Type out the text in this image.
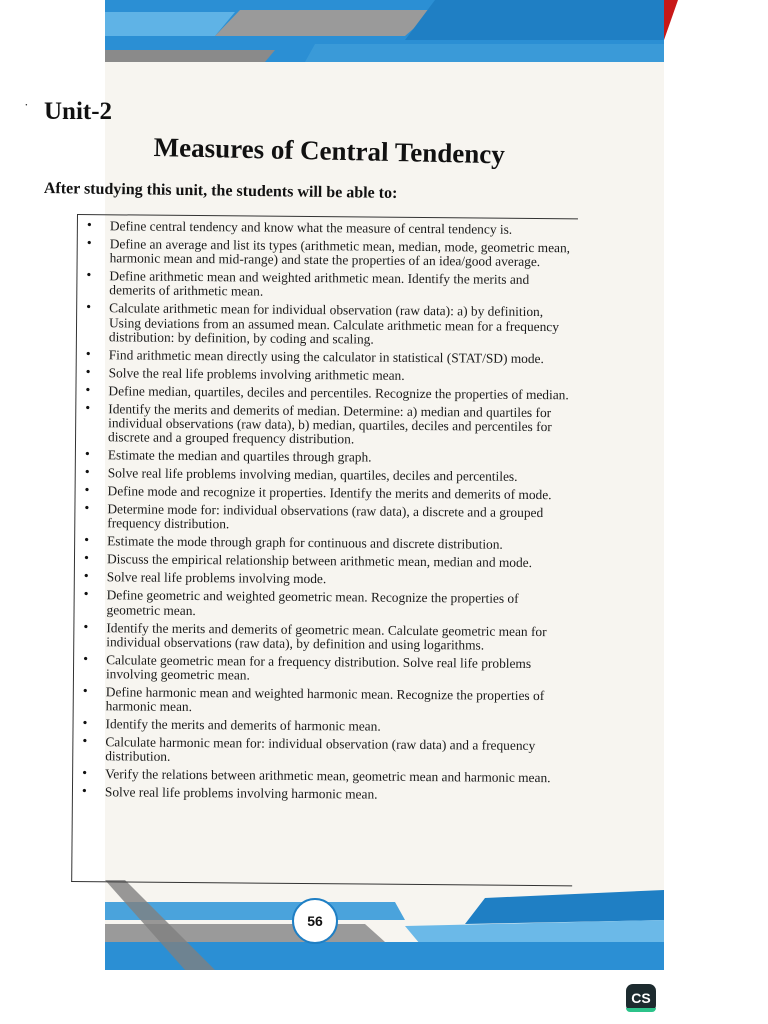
˙ Unit-2
Measures of Central Tendency
After studying this unit, the students will be able to:
• Define central tendency and know what the measure of central tendency is.
• Define an average and list its types (arithmetic mean, median, mode, geometric mean, harmonic mean and mid-range) and state the properties of an idea/good average.
• Define arithmetic mean and weighted arithmetic mean. Identify the merits and demerits of arithmetic mean.
• Calculate arithmetic mean for individual observation (raw data): a) by definition, Using deviations from an assumed mean. Calculate arithmetic mean for a frequency distribution: by definition, by coding and scaling.
• Find arithmetic mean directly using the calculator in statistical (STAT/SD) mode.
• Solve the real life problems involving arithmetic mean.
• Define median, quartiles, deciles and percentiles. Recognize the properties of median.
• Identify the merits and demerits of median. Determine: a) median and quartiles for individual observations (raw data), b) median, quartiles, deciles and percentiles for discrete and a grouped frequency distribution.
• Estimate the median and quartiles through graph.
• Solve real life problems involving median, quartiles, deciles and percentiles.
• Define mode and recognize it properties. Identify the merits and demerits of mode.
• Determine mode for: individual observations (raw data), a discrete and a grouped frequency distribution.
• Estimate the mode through graph for continuous and discrete distribution.
• Discuss the empirical relationship between arithmetic mean, median and mode.
• Solve real life problems involving mode.
• Define geometric and weighted geometric mean. Recognize the properties of geometric mean.
• Identify the merits and demerits of geometric mean. Calculate geometric mean for individual observations (raw data), by definition and using logarithms.
• Calculate geometric mean for a frequency distribution. Solve real life problems involving geometric mean.
• Define harmonic mean and weighted harmonic mean. Recognize the properties of harmonic mean.
• Identify the merits and demerits of harmonic mean.
• Calculate harmonic mean for: individual observation (raw data) and a frequency distribution.
• Verify the relations between arithmetic mean, geometric mean and harmonic mean.
• Solve real life problems involving harmonic mean.
56
CS
